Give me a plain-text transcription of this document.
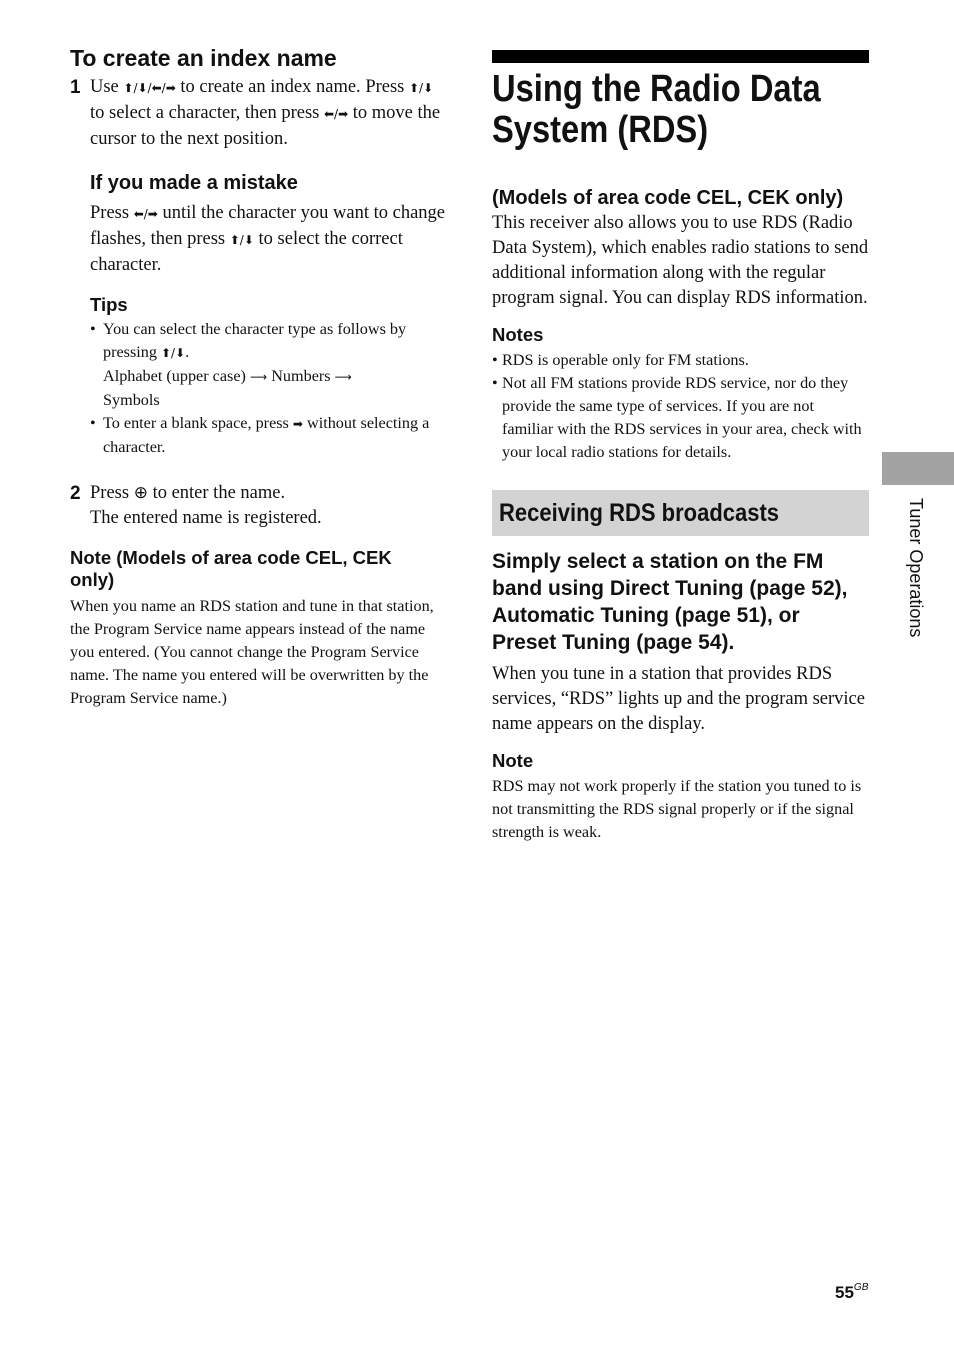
To create an index name
1 Use ⬆/⬇/⬅/➡ to create an index name. Press ⬆/⬇ to select a character, then press ⬅/➡ to move the cursor to the next position.
If you made a mistake

Press ⬅/➡ until the character you want to change flashes, then press ⬆/⬇ to select the correct character.

Tips
• You can select the character type as follows by pressing ⬆/⬇.
Alphabet (upper case) ⟶ Numbers ⟶
Symbols
• To enter a blank space, press ➡ without selecting a character.
2 Press ⊕ to enter the name.
The entered name is registered.
Note (Models of area code CEL, CEK only)

When you name an RDS station and tune in that station, the Program Service name appears instead of the name you entered. (You cannot change the Program Service name. The name you entered will be overwritten by the Program Service name.)

Using the Radio Data System (RDS)
(Models of area code CEL, CEK only)

This receiver also allows you to use RDS (Radio Data System), which enables radio stations to send additional information along with the regular program signal. You can display RDS information.

Notes
• RDS is operable only for FM stations.
• Not all FM stations provide RDS service, nor do they provide the same type of services. If you are not familiar with the RDS services in your area, check with your local radio stations for details.
Receiving RDS broadcasts

Simply select a station on the FM band using Direct Tuning (page 52), Automatic Tuning (page 51), or Preset Tuning (page 54).

When you tune in a station that provides RDS services, “RDS” lights up and the program service name appears on the display.

Note

RDS may not work properly if the station you tuned to is not transmitting the RDS signal properly or if the signal strength is weak.

Tuner Operations
$55^{GB}$
